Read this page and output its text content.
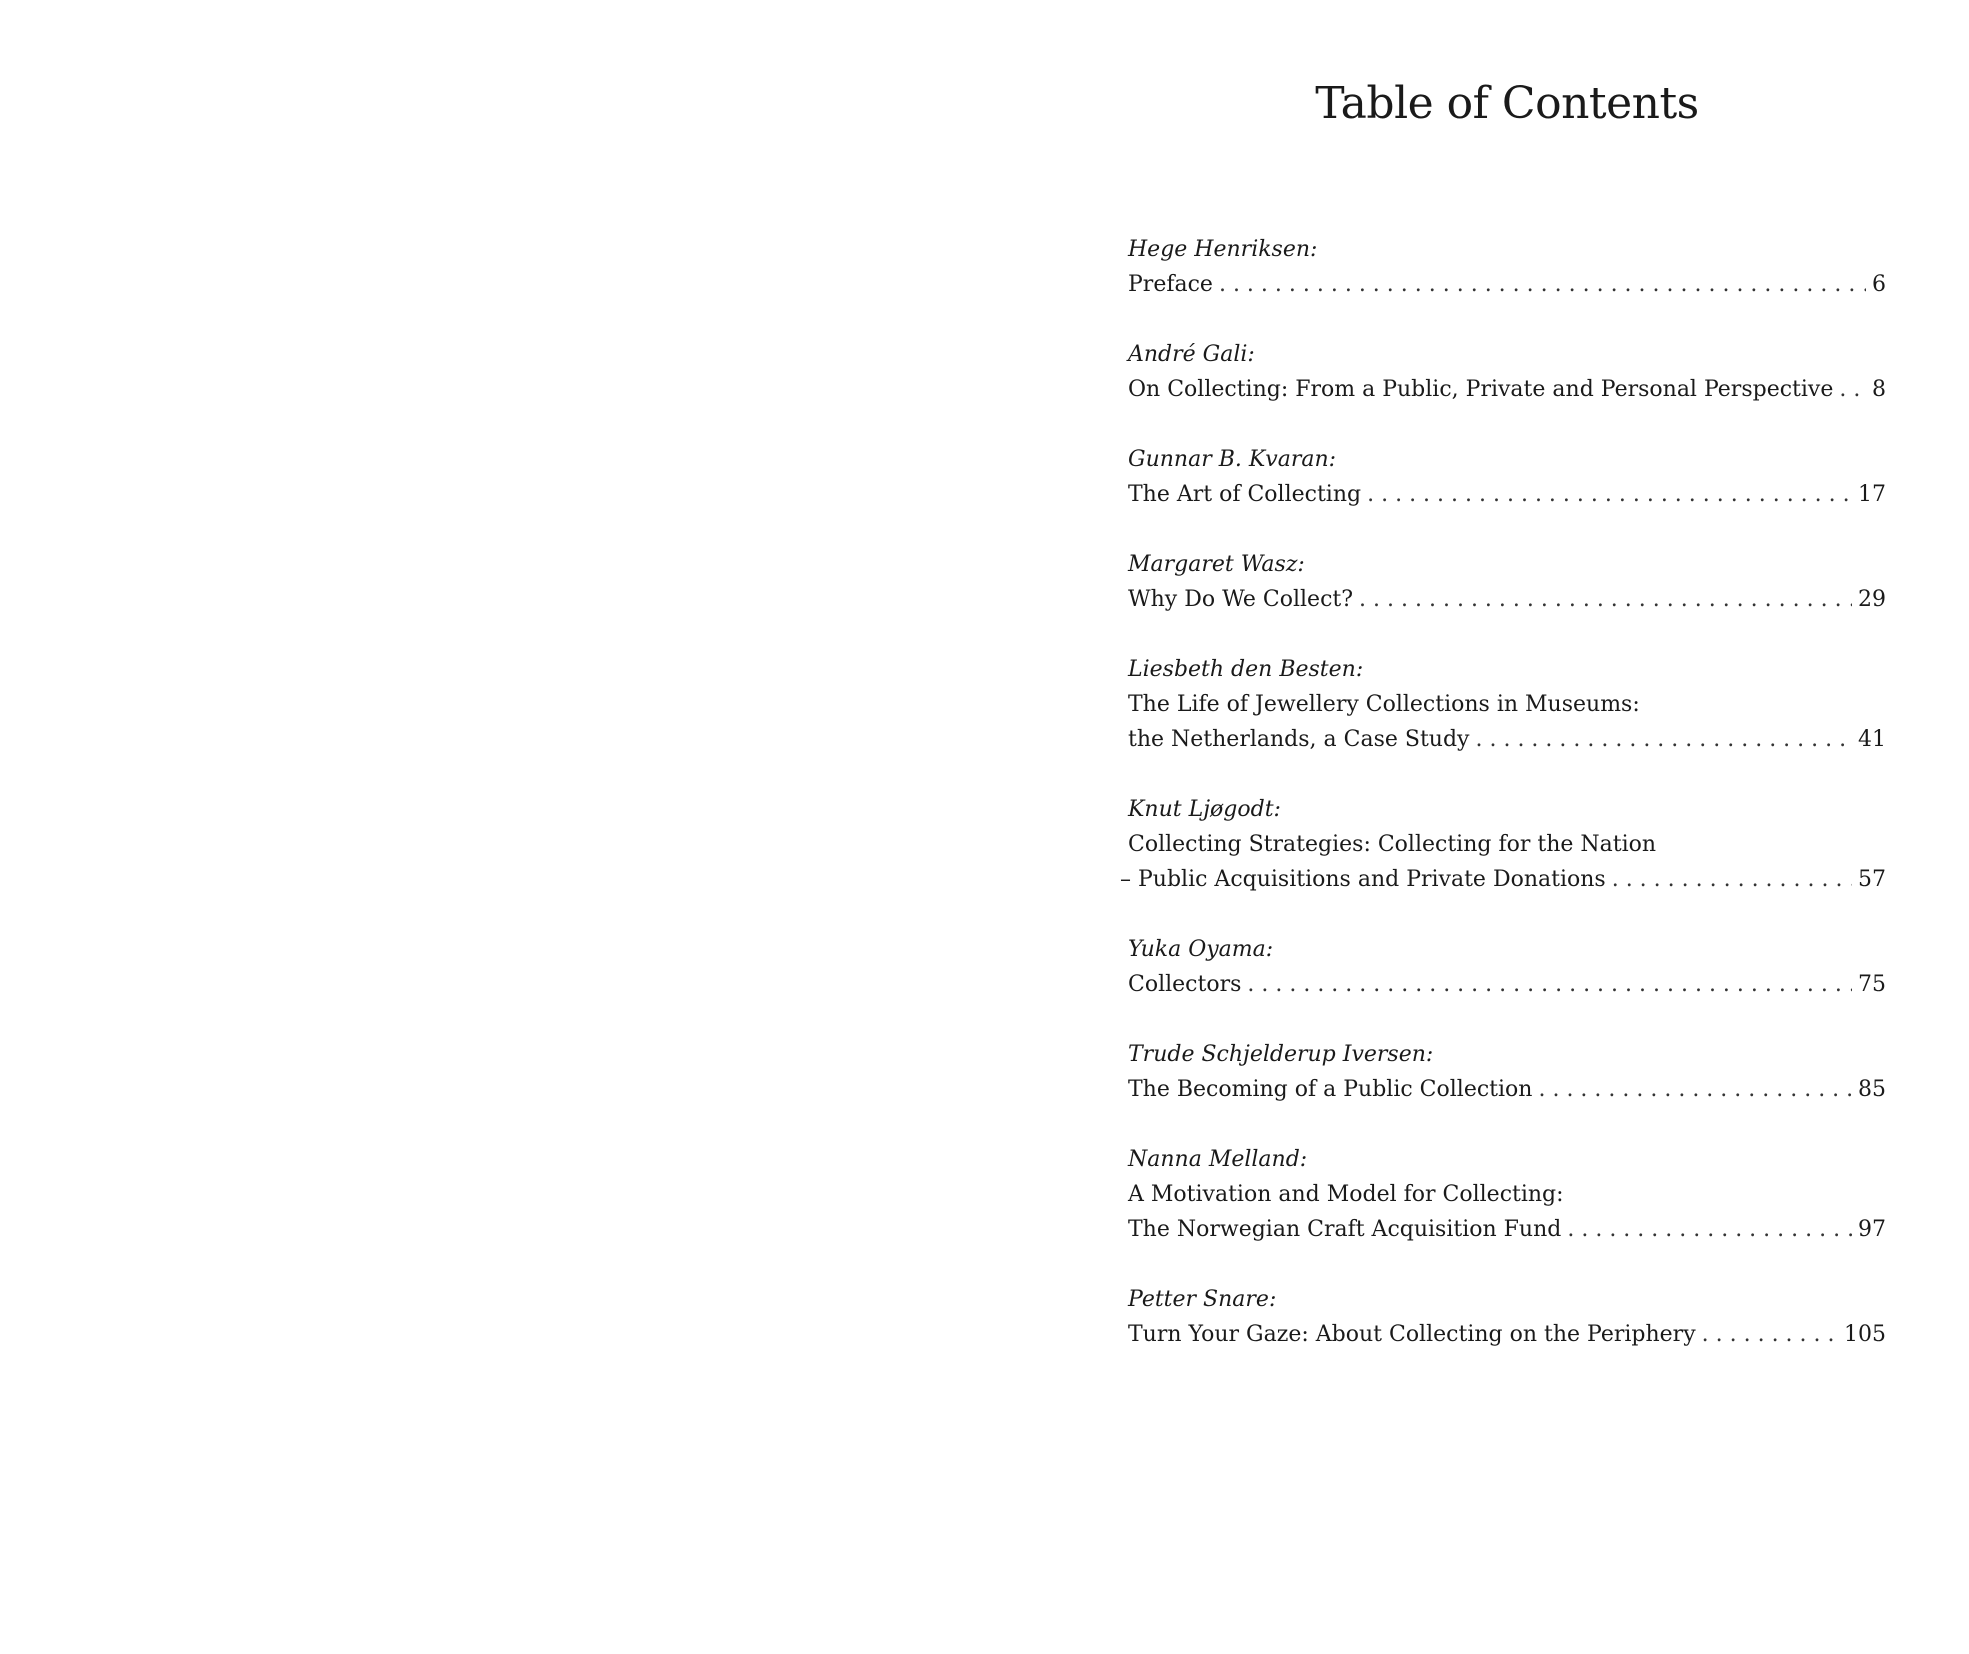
Table of Contents
Hege Henriksen:
Preface . . .	6
André Gali:
On Collecting: From a Public, Private and Personal Perspective . . . 8
Gunnar B. Kvaran:
The Art of Collecting . . .	17
Margaret Wasz:
Why Do We Collect? . . .	29
Liesbeth den Besten:
The Life of Jewellery Collections in Museums:
the Netherlands, a Case Study . . .	41
Knut Ljøgodt:
Collecting Strategies: Collecting for the Nation
– Public Acquisitions and Private Donations . . .	57
Yuka Oyama:
Collectors . . .	75
Trude Schjelderup Iversen:
The Becoming of a Public Collection . . .	85
Nanna Melland:
A Motivation and Model for Collecting:
The Norwegian Craft Acquisition Fund . . .	97
Petter Snare:
Turn Your Gaze: About Collecting on the Periphery . . .	105
